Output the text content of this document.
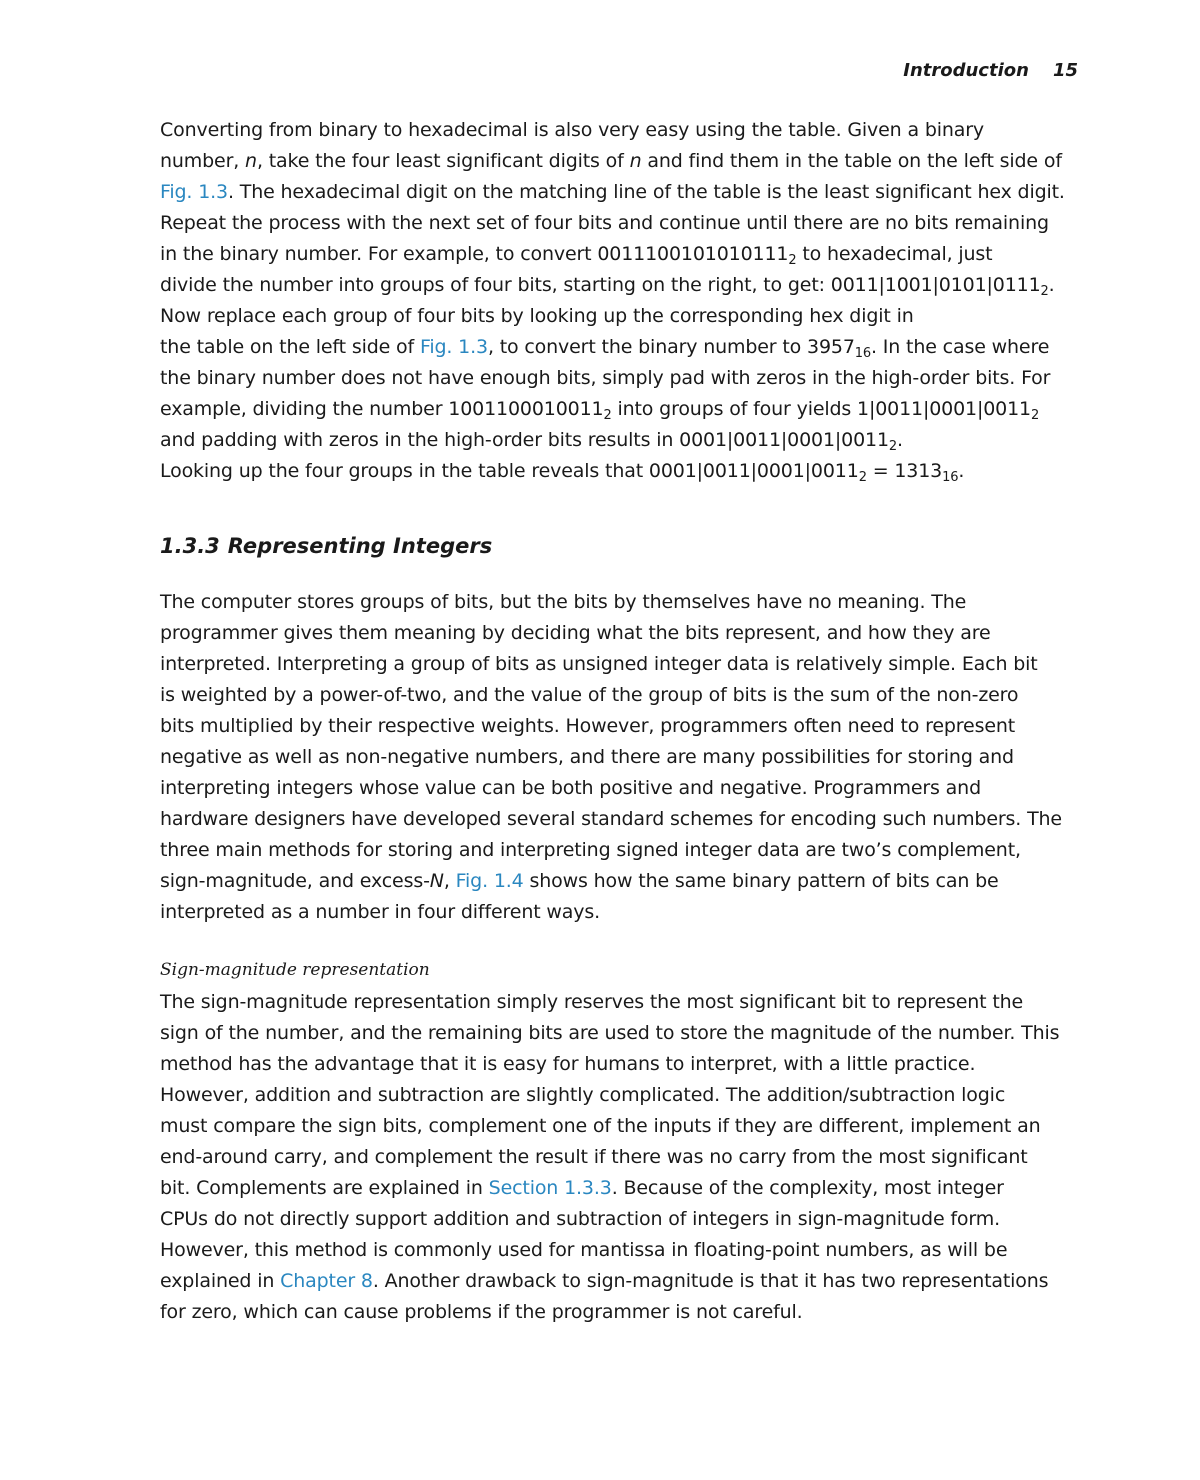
Introduction 15
Converting from binary to hexadecimal is also very easy using the table. Given a binary
number, n, take the four least significant digits of n and find them in the table on the left side of
Fig. 1.3. The hexadecimal digit on the matching line of the table is the least significant hex digit.
Repeat the process with the next set of four bits and continue until there are no bits remaining
in the binary number. For example, to convert $0011100101010111_2$ to hexadecimal, just
divide the number into groups of four bits, starting on the right, to get: $0011|1001|0101|0111_2$.
Now replace each group of four bits by looking up the corresponding hex digit in
the table on the left side of Fig. 1.3, to convert the binary number to $3957_{16}$. In the case where
the binary number does not have enough bits, simply pad with zeros in the high-order bits. For
example, dividing the number $1001100010011_2$ into groups of four yields $1|0011|0001|0011_2$
and padding with zeros in the high-order bits results in $0001|0011|0001|0011_2$.
Looking up the four groups in the table reveals that $0001|0011|0001|0011_2 = 1313_{16}$.
1.3.3 Representing Integers
The computer stores groups of bits, but the bits by themselves have no meaning. The
programmer gives them meaning by deciding what the bits represent, and how they are
interpreted. Interpreting a group of bits as unsigned integer data is relatively simple. Each bit
is weighted by a power-of-two, and the value of the group of bits is the sum of the non-zero
bits multiplied by their respective weights. However, programmers often need to represent
negative as well as non-negative numbers, and there are many possibilities for storing and
interpreting integers whose value can be both positive and negative. Programmers and
hardware designers have developed several standard schemes for encoding such numbers. The
three main methods for storing and interpreting signed integer data are two’s complement,
sign-magnitude, and excess-N, Fig. 1.4 shows how the same binary pattern of bits can be
interpreted as a number in four different ways.
Sign-magnitude representation
The sign-magnitude representation simply reserves the most significant bit to represent the
sign of the number, and the remaining bits are used to store the magnitude of the number. This
method has the advantage that it is easy for humans to interpret, with a little practice.
However, addition and subtraction are slightly complicated. The addition/subtraction logic
must compare the sign bits, complement one of the inputs if they are different, implement an
end-around carry, and complement the result if there was no carry from the most significant
bit. Complements are explained in Section 1.3.3. Because of the complexity, most integer
CPUs do not directly support addition and subtraction of integers in sign-magnitude form.
However, this method is commonly used for mantissa in floating-point numbers, as will be
explained in Chapter 8. Another drawback to sign-magnitude is that it has two representations
for zero, which can cause problems if the programmer is not careful.
